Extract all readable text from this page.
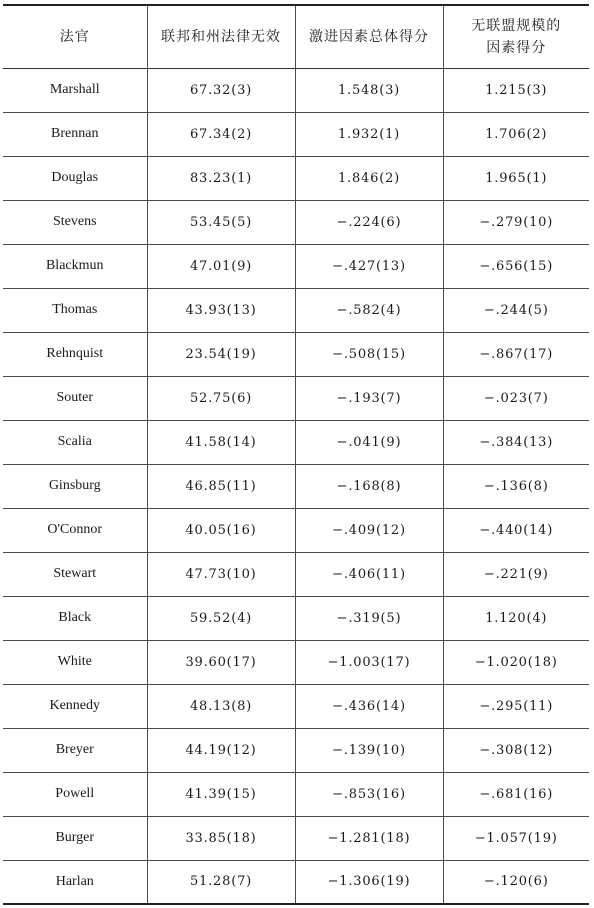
法官	联邦和州法律无效	激进因素总体得分	无联盟规模的
因素得分

Marshall	67.32(3)	1.548(3)	1.215(3)
Brennan	67.34(2)	1.932(1)	1.706(2)
Douglas	83.23(1)	1.846(2)	1.965(1)
Stevens	53.45(5)	−.224(6)	−.279(10)
Blackmun	47.01(9)	−.427(13)	−.656(15)
Thomas	43.93(13)	−.582(4)	−.244(5)
Rehnquist	23.54(19)	−.508(15)	−.867(17)
Souter	52.75(6)	−.193(7)	−.023(7)
Scalia	41.58(14)	−.041(9)	−.384(13)
Ginsburg	46.85(11)	−.168(8)	−.136(8)
O'Connor	40.05(16)	−.409(12)	−.440(14)
Stewart	47.73(10)	−.406(11)	−.221(9)
Black	59.52(4)	−.319(5)	1.120(4)
White	39.60(17)	−1.003(17)	−1.020(18)
Kennedy	48.13(8)	−.436(14)	−.295(11)
Breyer	44.19(12)	−.139(10)	−.308(12)
Powell	41.39(15)	−.853(16)	−.681(16)
Burger	33.85(18)	−1.281(18)	−1.057(19)
Harlan	51.28(7)	−1.306(19)	−.120(6)
